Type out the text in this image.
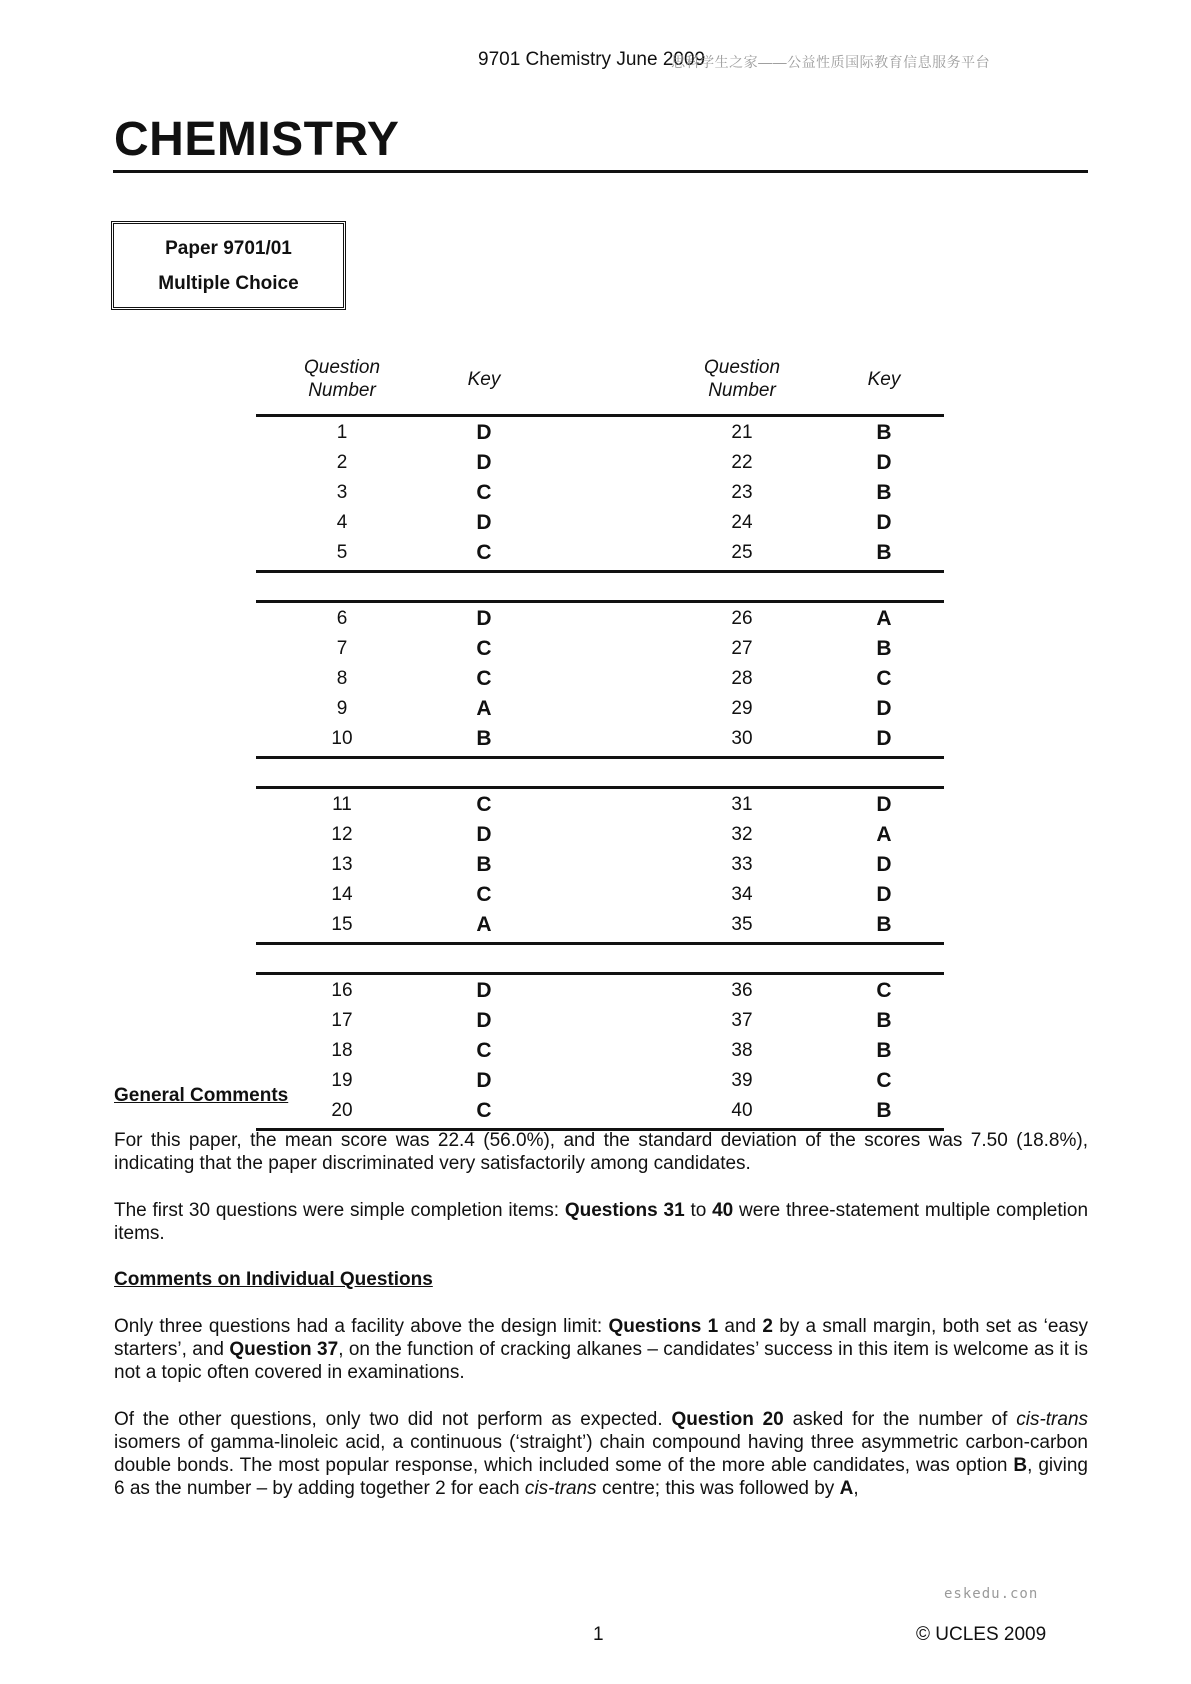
9701 Chemistry June 2009思科学生之家——公益性质国际教育信息服务平台
CHEMISTRY
Paper 9701/01
Multiple Choice
Question
Number
Key
Question
Number
Key
1	D	21	B
2	D	22	D
3	C	23	B
4	D	24	D
5	C	25	B
6	D	26	A
7	C	27	B
8	C	28	C
9	A	29	D
10	B	30	D
11	C	31	D
12	D	32	A
13	B	33	D
14	C	34	D
15	A	35	B
16	D	36	C
17	D	37	B
18	C	38	B
19	D	39	C
20	C	40	B
General Comments
For this paper, the mean score was 22.4 (56.0%), and the standard deviation of the scores was 7.50 (18.8%), indicating that the paper discriminated very satisfactorily among candidates.
The first 30 questions were simple completion items: Questions 31 to 40 were three-statement multiple completion items.
Comments on Individual Questions
Only three questions had a facility above the design limit: Questions 1 and 2 by a small margin, both set as ‘easy starters’, and Question 37, on the function of cracking alkanes – candidates’ success in this item is welcome as it is not a topic often covered in examinations.
Of the other questions, only two did not perform as expected. Question 20 asked for the number of cis-trans isomers of gamma-linoleic acid, a continuous (‘straight’) chain compound having three asymmetric carbon-carbon double bonds. The most popular response, which included some of the more able candidates, was option B, giving 6 as the number – by adding together 2 for each cis-trans centre; this was followed by A,
eskedu.con
1	© UCLES 2009
